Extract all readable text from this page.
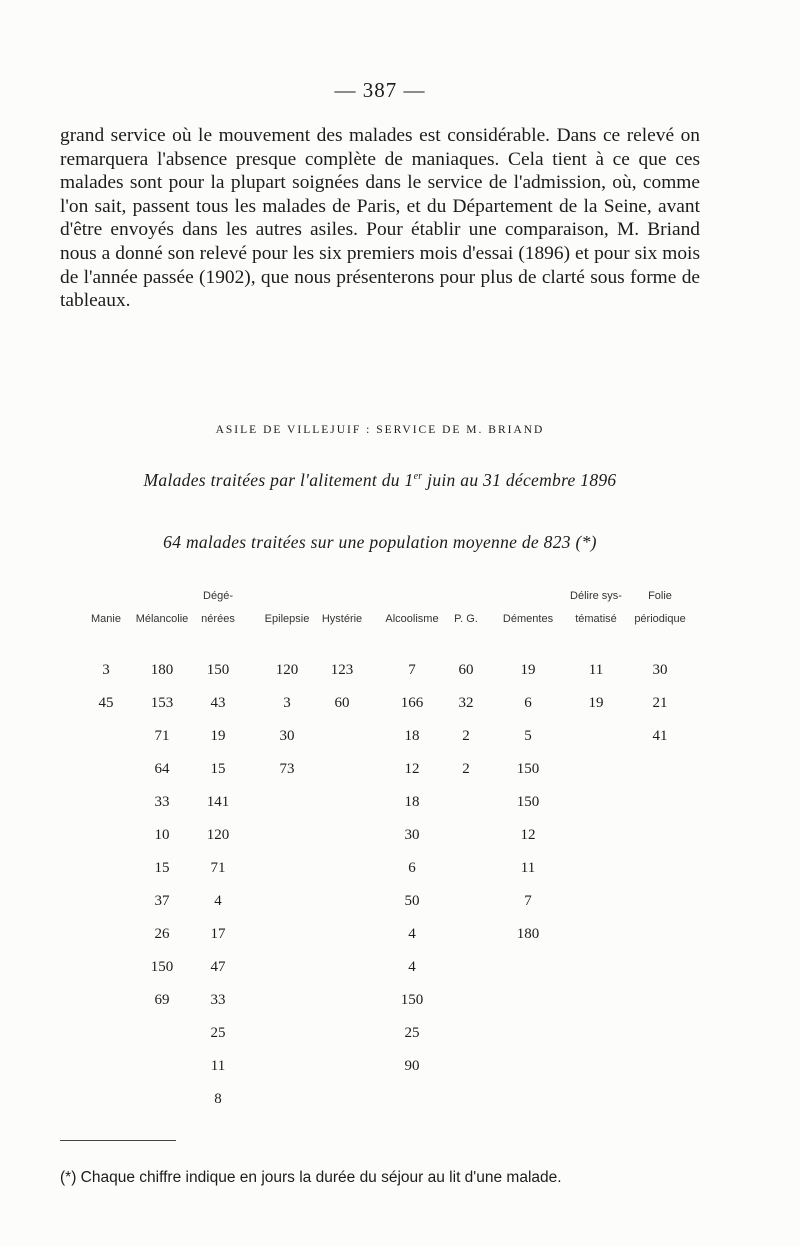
— 387 —

grand service où le mouvement des malades est considérable. Dans ce relevé on remarquera l'absence presque complète de maniaques. Cela tient à ce que ces malades sont pour la plupart soignées dans le service de l'admission, où, comme l'on sait, passent tous les malades de Paris, et du Département de la Seine, avant d'être envoyés dans les autres asiles. Pour établir une comparaison, M. Briand nous a donné son relevé pour les six premiers mois d'essai (1896) et pour six mois de l'année passée (1902), que nous présenterons pour plus de clarté sous forme de tableaux.

ASILE DE VILLEJUIF : SERVICE DE M. BRIAND
Malades traitées par l'alitement du 1er juin au 31 décembre 1896
64 malades traitées sur une population moyenne de 823 (*)
Manie
3
45
Mélancolie
180
153
71
64
33
10
15
37
26
150
69
Dégé-
nérées
150
43
19
15
141
120
71
4
17
47
33
25
11
8
Epilepsie
120
3
30
73
Hystérie
123
60
Alcoolisme
7
166
18
12
18
30
6
50
4
4
150
25
90
P. G.
60
32
2
2
Démentes
19
6
5
150
150
12
11
7
180
Délire sys-
tématisé
11
19
Folie
périodique
30
21
41
(*) Chaque chiffre indique en jours la durée du séjour au lit d'une malade.
